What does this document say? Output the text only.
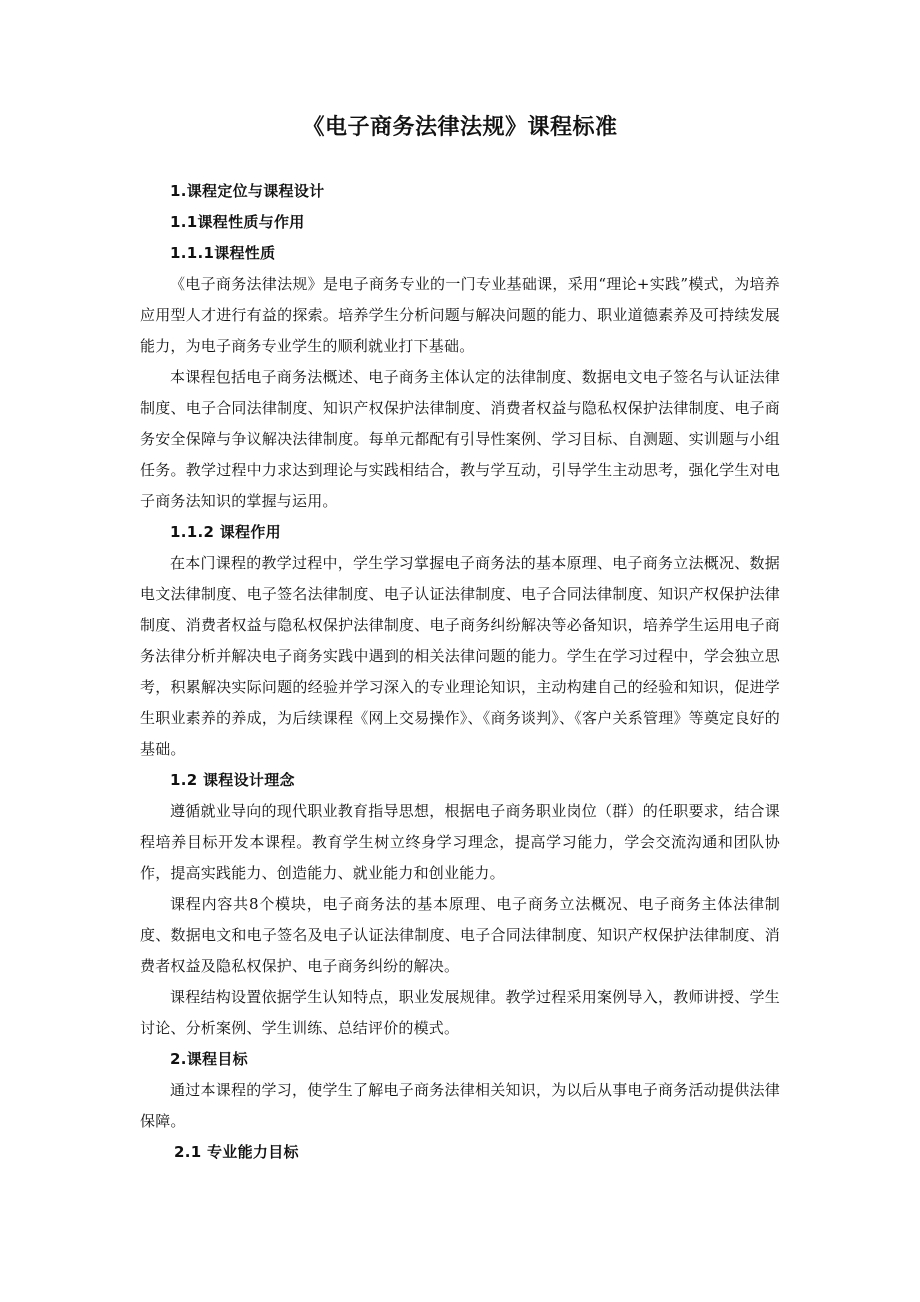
《电子商务法律法规》课程标准

1.课程定位与课程设计

1.1课程性质与作用

1.1.1课程性质

《电子商务法律法规》是电子商务专业的一门专业基础课，采用“理论+实践”模式，为培养应用型人才进行有益的探索。培养学生分析问题与解决问题的能力、职业道德素养及可持续发展能力，为电子商务专业学生的顺利就业打下基础。

本课程包括电子商务法概述、电子商务主体认定的法律制度、数据电文电子签名与认证法律制度、电子合同法律制度、知识产权保护法律制度、消费者权益与隐私权保护法律制度、电子商务安全保障与争议解决法律制度。每单元都配有引导性案例、学习目标、自测题、实训题与小组任务。教学过程中力求达到理论与实践相结合，教与学互动，引导学生主动思考，强化学生对电子商务法知识的掌握与运用。

1.1.2 课程作用

在本门课程的教学过程中，学生学习掌握电子商务法的基本原理、电子商务立法概况、数据电文法律制度、电子签名法律制度、电子认证法律制度、电子合同法律制度、知识产权保护法律制度、消费者权益与隐私权保护法律制度、电子商务纠纷解决等必备知识，培养学生运用电子商务法律分析并解决电子商务实践中遇到的相关法律问题的能力。学生在学习过程中，学会独立思考，积累解决实际问题的经验并学习深入的专业理论知识，主动构建自己的经验和知识，促进学生职业素养的养成，为后续课程《网上交易操作》、《商务谈判》、《客户关系管理》等奠定良好的基础。

1.2 课程设计理念

遵循就业导向的现代职业教育指导思想，根据电子商务职业岗位（群）的任职要求，结合课程培养目标开发本课程。教育学生树立终身学习理念，提高学习能力，学会交流沟通和团队协作，提高实践能力、创造能力、就业能力和创业能力。

课程内容共8个模块，电子商务法的基本原理、电子商务立法概况、电子商务主体法律制度、数据电文和电子签名及电子认证法律制度、电子合同法律制度、知识产权保护法律制度、消费者权益及隐私权保护、电子商务纠纷的解决。

课程结构设置依据学生认知特点，职业发展规律。教学过程采用案例导入，教师讲授、学生讨论、分析案例、学生训练、总结评价的模式。

2.课程目标

通过本课程的学习，使学生了解电子商务法律相关知识，为以后从事电子商务活动提供法律保障。

2.1 专业能力目标
